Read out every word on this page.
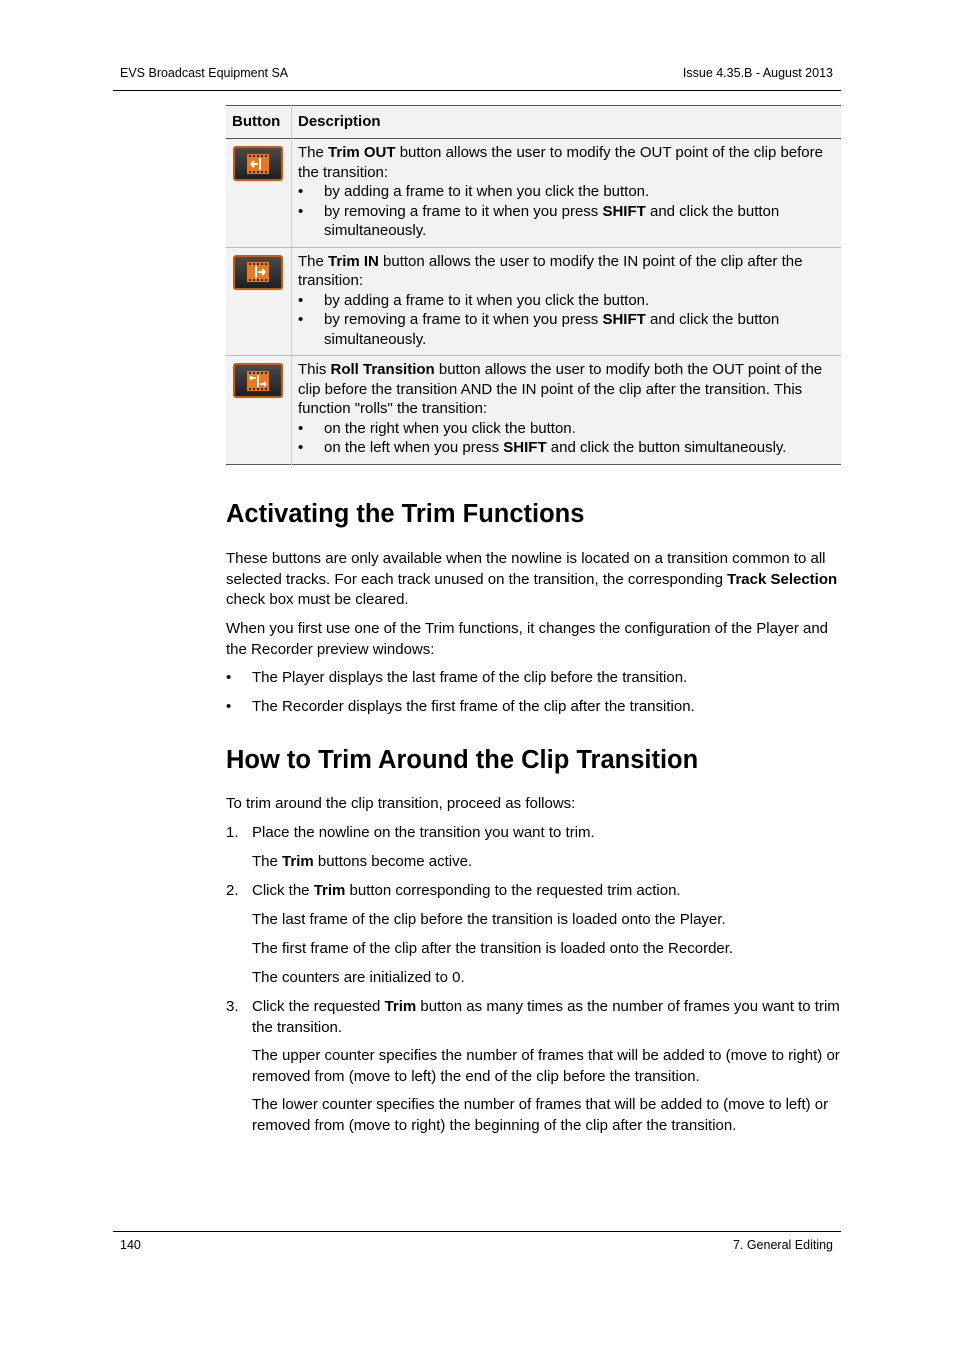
EVS Broadcast Equipment SA	Issue 4.35.B - August 2013
Button	Description

The Trim OUT button allows the user to modify the OUT point of the clip before the transition:
• by adding a frame to it when you click the button.
• by removing a frame to it when you press SHIFT and click the button simultaneously.

The Trim IN button allows the user to modify the IN point of the clip after the transition:
• by adding a frame to it when you click the button.
• by removing a frame to it when you press SHIFT and click the button simultaneously.

This Roll Transition button allows the user to modify both the OUT point of the clip before the transition AND the IN point of the clip after the transition. This function "rolls" the transition:
• on the right when you click the button.
• on the left when you press SHIFT and click the button simultaneously.
Activating the Trim Functions
These buttons are only available when the nowline is located on a transition common to all selected tracks. For each track unused on the transition, the corresponding Track Selection check box must be cleared.
When you first use one of the Trim functions, it changes the configuration of the Player and the Recorder preview windows:
• The Player displays the last frame of the clip before the transition.
• The Recorder displays the first frame of the clip after the transition.
How to Trim Around the Clip Transition
To trim around the clip transition, proceed as follows:
1. Place the nowline on the transition you want to trim.
The Trim buttons become active.
2. Click the Trim button corresponding to the requested trim action.
The last frame of the clip before the transition is loaded onto the Player.
The first frame of the clip after the transition is loaded onto the Recorder.
The counters are initialized to 0.
3. Click the requested Trim button as many times as the number of frames you want to trim the transition.
The upper counter specifies the number of frames that will be added to (move to right) or removed from (move to left) the end of the clip before the transition.
The lower counter specifies the number of frames that will be added to (move to left) or removed from (move to right) the beginning of the clip after the transition.
140	7. General Editing
